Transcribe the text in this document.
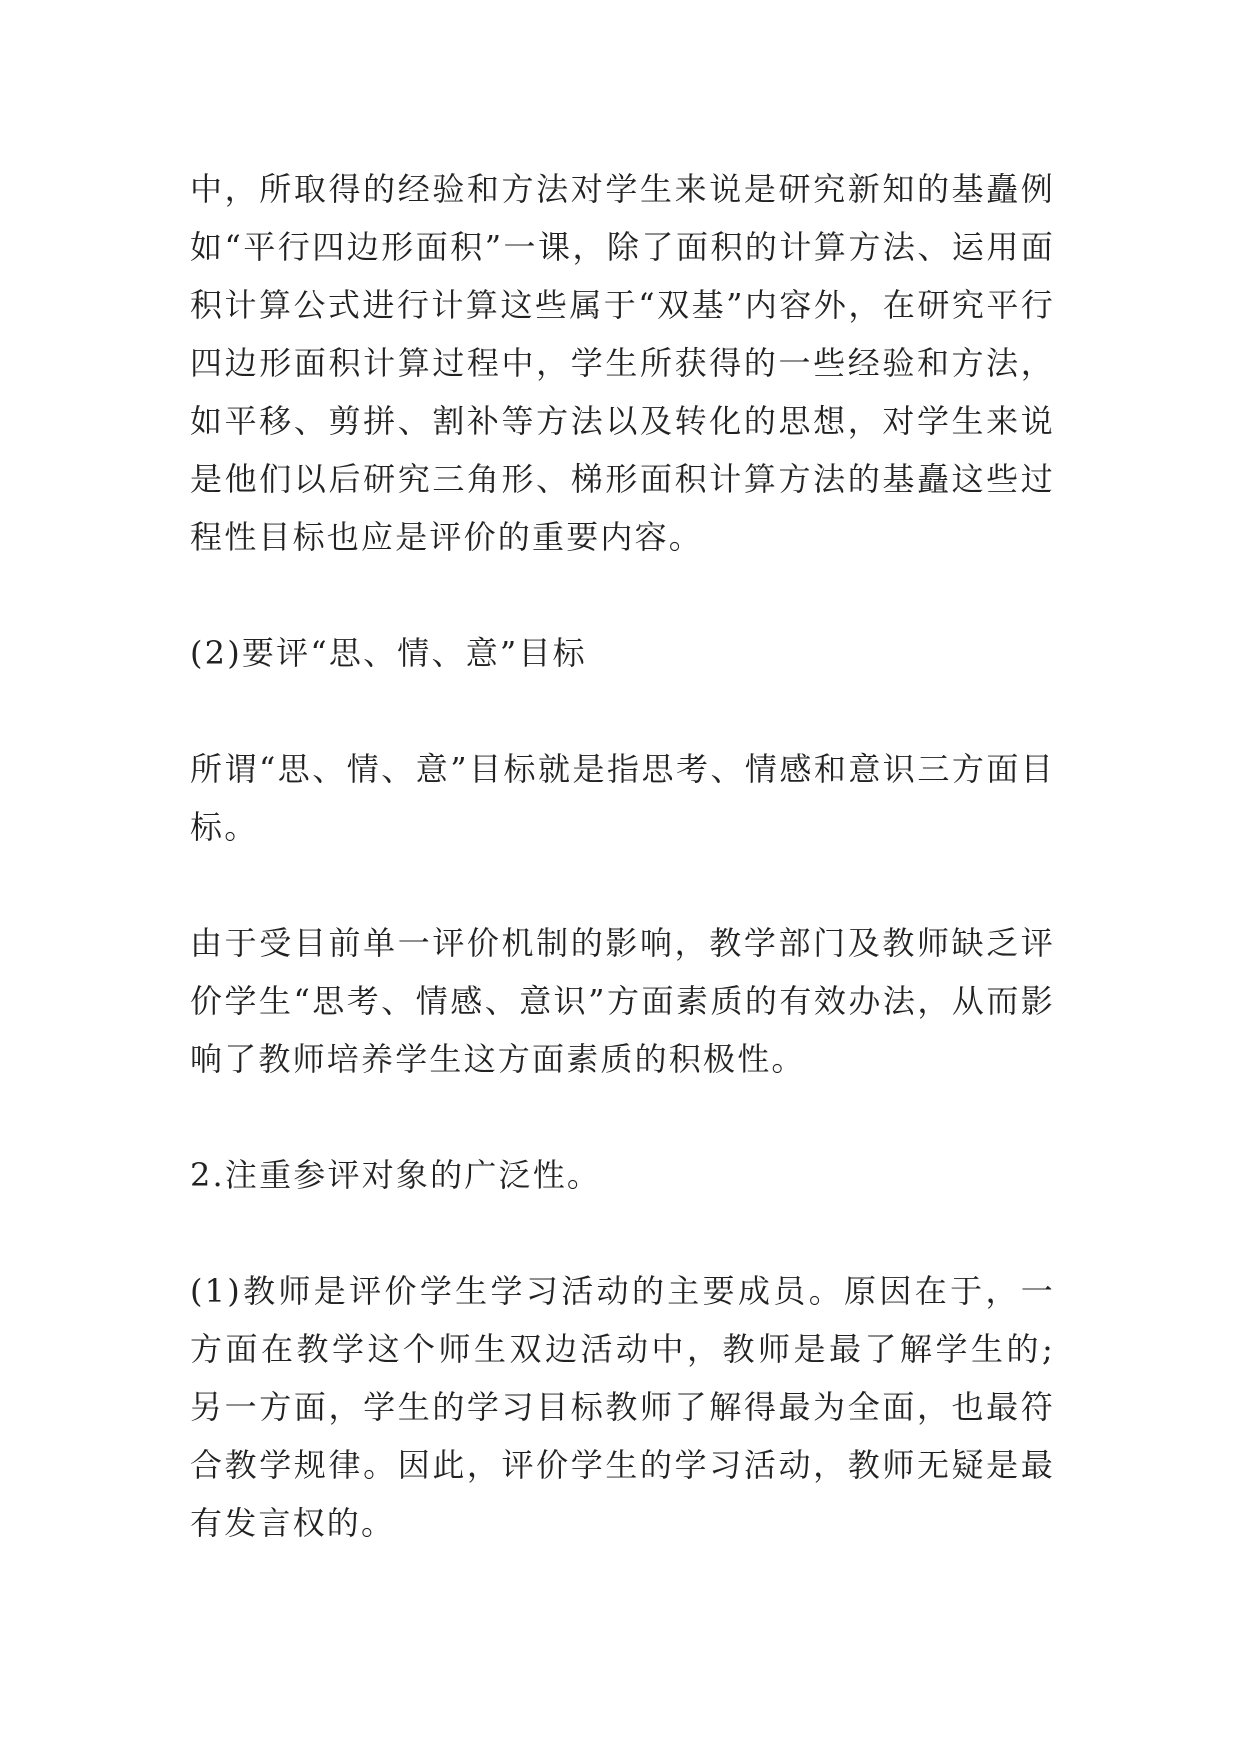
中，所取得的经验和方法对学生来说是研究新知的基矗例如“平行四边形面积”一课，除了面积的计算方法、运用面积计算公式进行计算这些属于“双基”内容外，在研究平行四边形面积计算过程中，学生所获得的一些经验和方法，如平移、剪拼、割补等方法以及转化的思想，对学生来说是他们以后研究三角形、梯形面积计算方法的基矗这些过程性目标也应是评价的重要内容。

(2)要评“思、情、意”目标

所谓“思、情、意”目标就是指思考、情感和意识三方面目标。

由于受目前单一评价机制的影响，教学部门及教师缺乏评价学生“思考、情感、意识”方面素质的有效办法，从而影响了教师培养学生这方面素质的积极性。

2.注重参评对象的广泛性。

(1)教师是评价学生学习活动的主要成员。原因在于，一方面在教学这个师生双边活动中，教师是最了解学生的;另一方面，学生的学习目标教师了解得最为全面，也最符合教学规律。因此，评价学生的学习活动，教师无疑是最有发言权的。
